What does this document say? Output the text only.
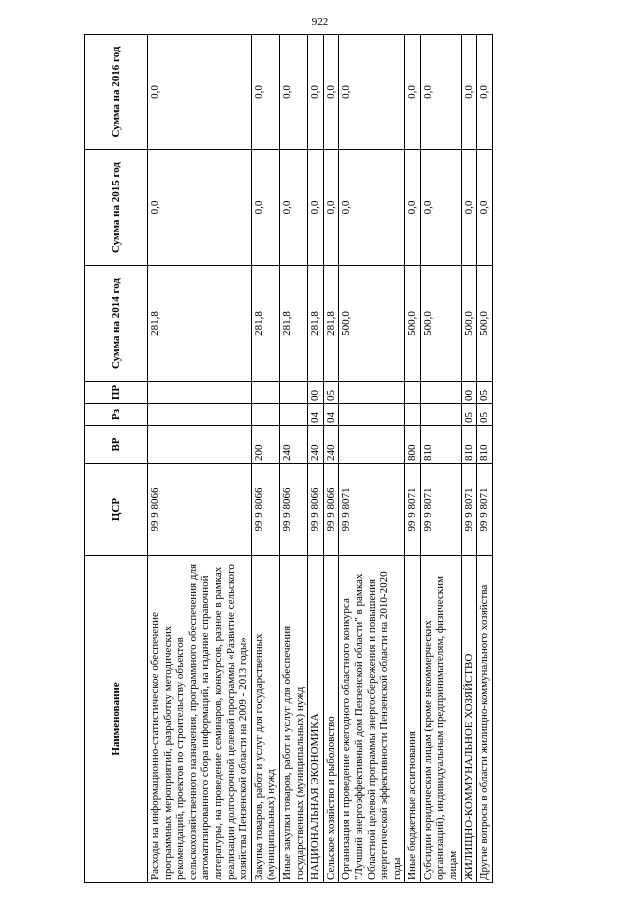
922
Наименование	ЦСР	ВР	Рз	ПР	Сумма на 2014 год	Сумма на 2015 год	Сумма на 2016 год
Расходы на информационно-статистическое обеспечение программных мероприятий, разработку методических рекомендаций, проектов по строительству объектов сельскохозяйственного назначения, программного обеспечения для автоматизированного сбора информаций, на издание справочной литературы, на проведение семинаров, конкурсов, разное в рамках реализации долгосрочной целевой программы «Развитие сельского хозяйства Пензенской области на 2009 - 2013 годы»	99 9 8066				281,8	0,0	0,0
Закупка товаров, работ и услуг для государственных (муниципальных) нужд	99 9 8066	200			281,8	0,0	0,0
Иные закупки товаров, работ и услуг для обеспечения государственных (муниципальных) нужд	99 9 8066	240			281,8	0,0	0,0
НАЦИОНАЛЬНАЯ ЭКОНОМИКА	99 9 8066	240	04	00	281,8	0,0	0,0
Сельское хозяйство и рыболовство	99 9 8066	240	04	05	281,8	0,0	0,0
Организация и проведение ежегодного областного конкурса "Лучший энергоэффективный дом Пензенской области" в рамках Областной целевой программы энергосбережения и повышения энергетической эффективности Пензенской области на 2010-2020 годы	99 9 8071				500,0	0,0	0,0
Иные бюджетные ассигнования	99 9 8071	800			500,0	0,0	0,0
Субсидии юридическим лицам (кроме некоммерческих организаций), индивидуальным предпринимателям, физическим лицам	99 9 8071	810			500,0	0,0	0,0
ЖИЛИЩНО-КОММУНАЛЬНОЕ ХОЗЯЙСТВО	99 9 8071	810	05	00	500,0	0,0	0,0
Другие вопросы в области жилищно-коммунального хозяйства	99 9 8071	810	05	05	500,0	0,0	0,0
